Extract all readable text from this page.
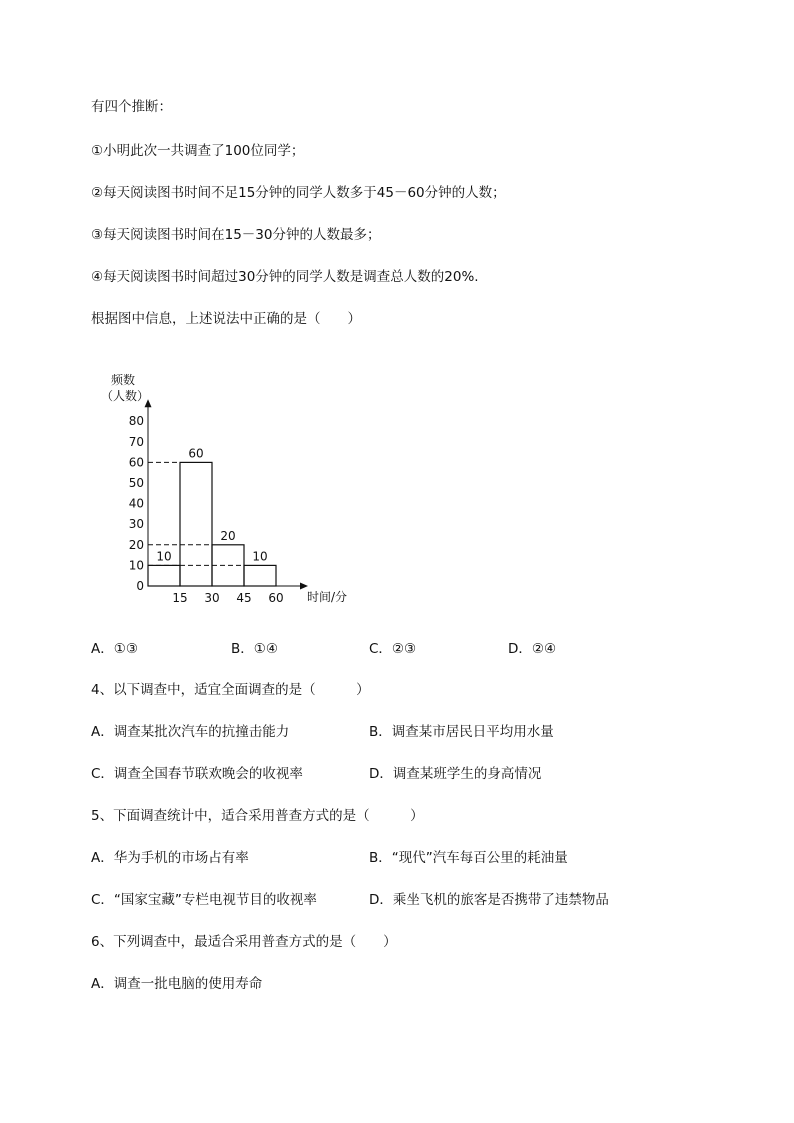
有四个推断：
①小明此次一共调查了100位同学；
②每天阅读图书时间不足15分钟的同学人数多于45－60分钟的人数；
③每天阅读图书时间在15－30分钟的人数最多；
④每天阅读图书时间超过30分钟的同学人数是调查总人数的20%.
根据图中信息，上述说法中正确的是（　　）
10
60
20
10
0
10
20
30
40
50
60
70
80
15 30 45 60
频数
（人数）
时间/分
A．①③	B．①④	C．②③	D．②④
4、以下调查中，适宜全面调查的是（　　　）
A．调查某批次汽车的抗撞击能力	B．调查某市居民日平均用水量
C．调查全国春节联欢晚会的收视率	D．调查某班学生的身高情况
5、下面调查统计中，适合采用普查方式的是（　　　）
A．华为手机的市场占有率	B．“现代”汽车每百公里的耗油量
C．“国家宝藏”专栏电视节目的收视率	D．乘坐飞机的旅客是否携带了违禁物品
6、下列调查中，最适合采用普查方式的是（　　）
A．调查一批电脑的使用寿命
